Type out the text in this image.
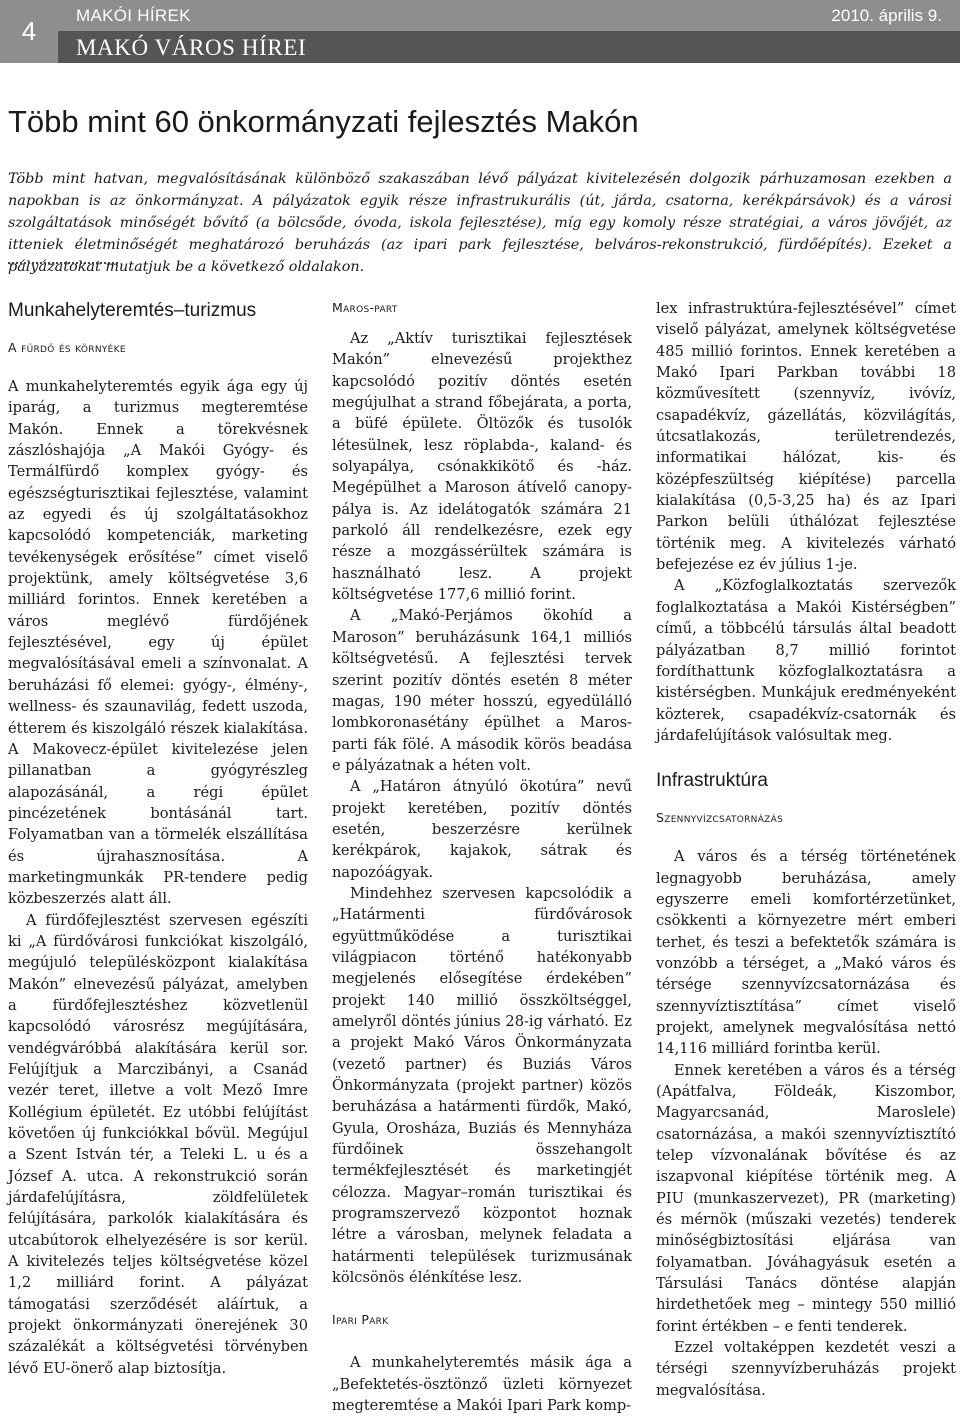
4
MAKÓI HÍREK	2010. április 9.
MAKÓ VÁROS HÍREI
Több mint 60 önkormányzati fejlesztés Makón
Több mint hatvan, megvalósításának különböző szakaszában lévő pályázat kivitelezésén dolgozik párhuzamosan ezekben a napokban is az önkormányzat. A pályázatok egyik része infrastrukurális (út, járda, csatorna, kerékpársávok) és a városi szolgáltatások minőségét bővítő (a bölcsőde, óvoda, iskola fejlesztése), míg egy komoly része stratégiai, a város jövőjét, az itteniek életminőségét meghatározó beruházás (az ipari park fejlesztése, belváros-rekonstrukció, fürdőépítés). Ezeket a pályázatokat mutatjuk be a következő oldalakon.
Munkahelyteremtés–turizmus
A fürdő és környéke

A munkahelyteremtés egyik ága egy új iparág, a turizmus megteremtése Makón. Ennek a törekvésnek zászlóshajója „A Makói Gyógy- és Termálfürdő komplex gyógy- és egészségturisztikai fejlesztése, valamint az egyedi és új szolgáltatásokhoz kapcsolódó kompetenciák, marketing tevékenységek erősítése” címet viselő projektünk, amely költségvetése 3,6 milliárd forintos. Ennek keretében a város meglévő fürdőjének fejlesztésével, egy új épület megvalósításával emeli a színvonalat. A beruházási fő elemei: gyógy-, élmény-, wellness- és szaunavilág, fedett uszoda, étterem és kiszolgáló részek kialakítása. A Makovecz-épület kivitelezése jelen pillanatban a gyógyrészleg alapozásánál, a régi épület pincézetének bontásánál tart. Folyamatban van a törmelék elszállítása és újrahasznosítása. A marketingmunkák PR-tendere pedig közbeszerzés alatt áll.

A fürdőfejlesztést szervesen egészíti ki „A fürdővárosi funkciókat kiszolgáló, megújuló településközpont kialakítása Makón” elnevezésű pályázat, amelyben a fürdőfejlesztéshez közvetlenül kapcsolódó városrész megújítására, vendégváróbbá alakítására kerül sor. Felújítjuk a Marczibányi, a Csanád vezér teret, illetve a volt Mező Imre Kollégium épületét. Ez utóbbi felújítást követően új funkciókkal bővül. Megújul a Szent István tér, a Teleki L. u és a József A. utca. A rekonstrukció során járdafelújításra, zöldfelületek felújítására, parkolók kialakítására és utcabútorok elhelyezésére is sor kerül. A kivitelezés teljes költségvetése közel 1,2 milliárd forint. A pályázat támogatási szerződését aláírtuk, a projekt önkormányzati önerejének 30 százalékát a költségvetési törvényben lévő EU-önerő alap biztosítja.

Maros-part

Az „Aktív turisztikai fejlesztések Makón” elnevezésű projekthez kapcsolódó pozitív döntés esetén megújulhat a strand főbejárata, a porta, a büfé épülete. Öltözők és tusolók létesülnek, lesz röplabda-, kaland- és solyapálya, csónakkikötő és -ház. Megépülhet a Maroson átívelő canopy-pálya is. Az idelátogatók számára 21 parkoló áll rendelkezésre, ezek egy része a mozgássérültek számára is használható lesz. A projekt költségvetése 177,6 millió forint.

A „Makó-Perjámos ökohíd a Maroson” beruházásunk 164,1 milliós költségvetésű. A fejlesztési tervek szerint pozitív döntés esetén 8 méter magas, 190 méter hosszú, egyedülálló lombkoronasétány épülhet a Maros-parti fák fölé. A második körös beadása e pályázatnak a héten volt.

A „Határon átnyúló ökotúra” nevű projekt keretében, pozitív döntés esetén, beszerzésre kerülnek kerékpárok, kajakok, sátrak és napozóágyak.

Mindehhez szervesen kapcsolódik a „Határmenti fürdővárosok együttműködése a turisztikai világpiacon történő hatékonyabb megjelenés elősegítése érdekében” projekt 140 millió összköltséggel, amelyről döntés június 28-ig várható. Ez a projekt Makó Város Önkormányzata (vezető partner) és Buziás Város Önkormányzata (projekt partner) közös beruházása a határmenti fürdők, Makó, Gyula, Orosháza, Buziás és Mennyháza fürdőinek összehangolt termékfejlesztését és marketingjét célozza. Magyar–román turisztikai és programszervező központot hoznak létre a városban, melynek feladata a határmenti települések turizmusának kölcsönös élénkítése lesz.

Ipari Park

A munkahelyteremtés másik ága a „Befektetés-ösztönző üzleti környezet megteremtése a Makói Ipari Park komp-

lex infrastruktúra-fejlesztésével” címet viselő pályázat, amelynek költségvetése 485 millió forintos. Ennek keretében a Makó Ipari Parkban további 18 közművesített (szennyvíz, ivóvíz, csapadékvíz, gázellátás, közvilágítás, útcsatlakozás, területrendezés, informatikai hálózat, kis- és középfeszültség kiépítése) parcella kialakítása (0,5-3,25 ha) és az Ipari Parkon belüli úthálózat fejlesztése történik meg. A kivitelezés várható befejezése ez év július 1-je.

A „Közfoglalkoztatás szervezők foglalkoztatása a Makói Kistérségben” című, a többcélú társulás által beadott pályázatban 8,7 millió forintot fordíthattunk közfoglalkoztatásra a kistérségben. Munkájuk eredményeként közterek, csapadékvíz-csatornák és járdafelújítások valósultak meg.

Infrastruktúra
Szennyvízcsatornázás

A város és a térség történetének legnagyobb beruházása, amely egyszerre emeli komfortérzetünket, csökkenti a környezetre mért emberi terhet, és teszi a befektetők számára is vonzóbb a térséget, a „Makó város és térsége szennyvízcsatornázása és szennyvíztisztítása” címet viselő projekt, amelynek megvalósítása nettó 14,116 milliárd forintba kerül.

Ennek keretében a város és a térség (Apátfalva, Földeák, Kiszombor, Magyarcsanád, Maroslele) csatornázása, a makói szennyvíztisztító telep vízvonalának bővítése és az iszapvonal kiépítése történik meg. A PIU (munkaszervezet), PR (marketing) és mérnök (műszaki vezetés) tenderek minőségbiztosítási eljárása van folyamatban. Jóváhagyásuk esetén a Társulási Tanács döntése alapján hirdethetőek meg – mintegy 550 millió forint értékben – e fenti tenderek.

Ezzel voltaképpen kezdetét veszi a térségi szennyvízberuházás projekt megvalósítása.
